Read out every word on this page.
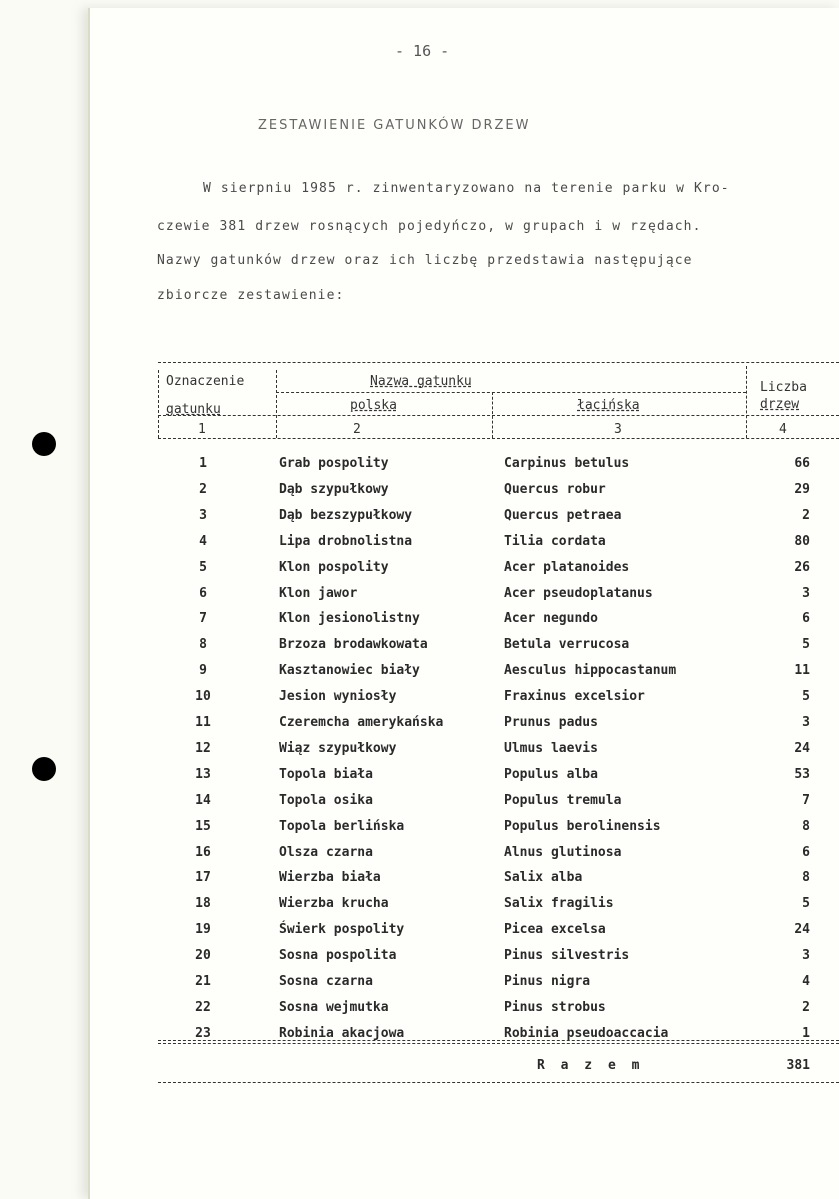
- 16 -
ZESTAWIENIE GATUNKÓW DRZEW

W sierpniu 1985 r. zinwentaryzowano na terenie parku w Kro-

czewie 381 drzew rosnących pojedyńczo, w grupach i w rzędach.

Nazwy gatunków drzew oraz ich liczbę przedstawia następujące

zbiorcze zestawienie:

Oznaczenie
gatunku
Nazwa gatunku
polska	łacińska
Liczba
drzew
1	2	3	4
1	Grab pospolity	Carpinus betulus	66
2	Dąb szypułkowy	Quercus robur	29
3	Dąb bezszypułkowy	Quercus petraea	2
4	Lipa drobnolistna	Tilia cordata	80
5	Klon pospolity	Acer platanoides	26
6	Klon jawor	Acer pseudoplatanus	3
7	Klon jesionolistny	Acer negundo	6
8	Brzoza brodawkowata	Betula verrucosa	5
9	Kasztanowiec biały	Aesculus hippocastanum	11
10	Jesion wyniosły	Fraxinus excelsior	5
11	Czeremcha amerykańska	Prunus padus	3
12	Wiąz szypułkowy	Ulmus laevis	24
13	Topola biała	Populus alba	53
14	Topola osika	Populus tremula	7
15	Topola berlińska	Populus berolinensis	8
16	Olsza czarna	Alnus glutinosa	6
17	Wierzba biała	Salix alba	8
18	Wierzba krucha	Salix fragilis	5
19	Świerk pospolity	Picea excelsa	24
20	Sosna pospolita	Pinus silvestris	3
21	Sosna czarna	Pinus nigra	4
22	Sosna wejmutka	Pinus strobus	2
23	Robinia akacjowa	Robinia pseudoaccacia	1
R a z e m	381
